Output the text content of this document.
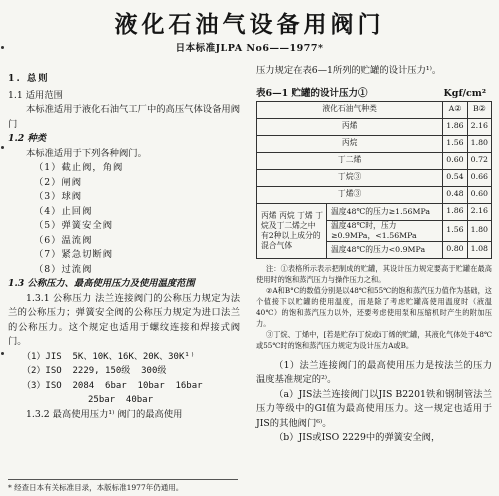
液化石油气设备用阀门
日本标准JLPA No6——1977*

1. 总则

1.1 适用范围

本标准适用于液化石油气工厂中的高压气体设备用阀门

1.2 种类

本标准适用于下列各种阀门。

（1）截止阀，角阀

（2）闸阀

（3）球阀

（4）止回阀

（5）弹簧安全阀

（6）温流阀

（7）紧急切断阀

（8）过流阀

1.3 公称压力、最高使用压力及使用温度范围

1.3.1 公称压力 法兰连接阀门的公称压力规定为法兰的公称压力；弹簧安全阀的公称压力规定为进口法兰的公称压力。这个规定也适用于螺纹连接和焊接式阀门。

（1）JIS  5K、10K、16K、20K、30K¹⁾

（2）ISO  2229, 150级  300级

（3）ISO  2084  6bar  10bar  16bar

25bar  40bar

1.3.2 最高使用压力¹⁾ 阀门的最高使用

* 经查日本有关标准目录，本版标准1977年仍通用。

压力规定在表6—1所列的贮罐的设计压力¹⁾。

表6—1 贮罐的设计压力①	Kgf/cm²
液化石油气种类		A②	B②
丙烯		1.86	2.16
丙烷		1.56	1.80
丁二烯		0.60	0.72
丁烷③		0.54	0.66
丁烯③		0.48	0.60
丙烯 丙烷 丁烯 丁烷及丁二烯之中有2种以上成分的混合气体	温度48℃的压力≥1.56MPa	1.86	2.16
	温度48℃时，压力≥0.9MPa，<1.56MPa	1.56	1.80
	温度48℃的压力<0.9MPa	0.80	1.08

注：①表格所示表示把制成的贮罐，其设计压力规定要高于贮罐在最高使用时的饱和蒸汽压力与操作压力之和。

②A和B°C的数值分别是以48℃和55℃的饱和蒸汽压力值作为基础，这个值接下以贮罐的使用温度，而是除了考虑贮罐高使用温度时（液温40℃）的饱和蒸汽压力以外，还要考虑使用泵和压缩机时产生的附加压力。

③丁烷、丁烯中，[若是贮存i丁烷或i丁烯的贮罐，其液化气体处于48℃或55℃时的饱和蒸汽压力规定为设计压力A或B。

（1）法兰连接阀门的最高使用压力是按法兰的压力温度基准规定的²⁾。

（a）JIS法兰连接阀门以JIS B2201铁和钢制管法兰压力等级中的GI值为最高使用压力。这一规定也适用于JIS的其他阀门⁶⁾。

（b）JIS或ISO 2229中的弹簧安全阀，
